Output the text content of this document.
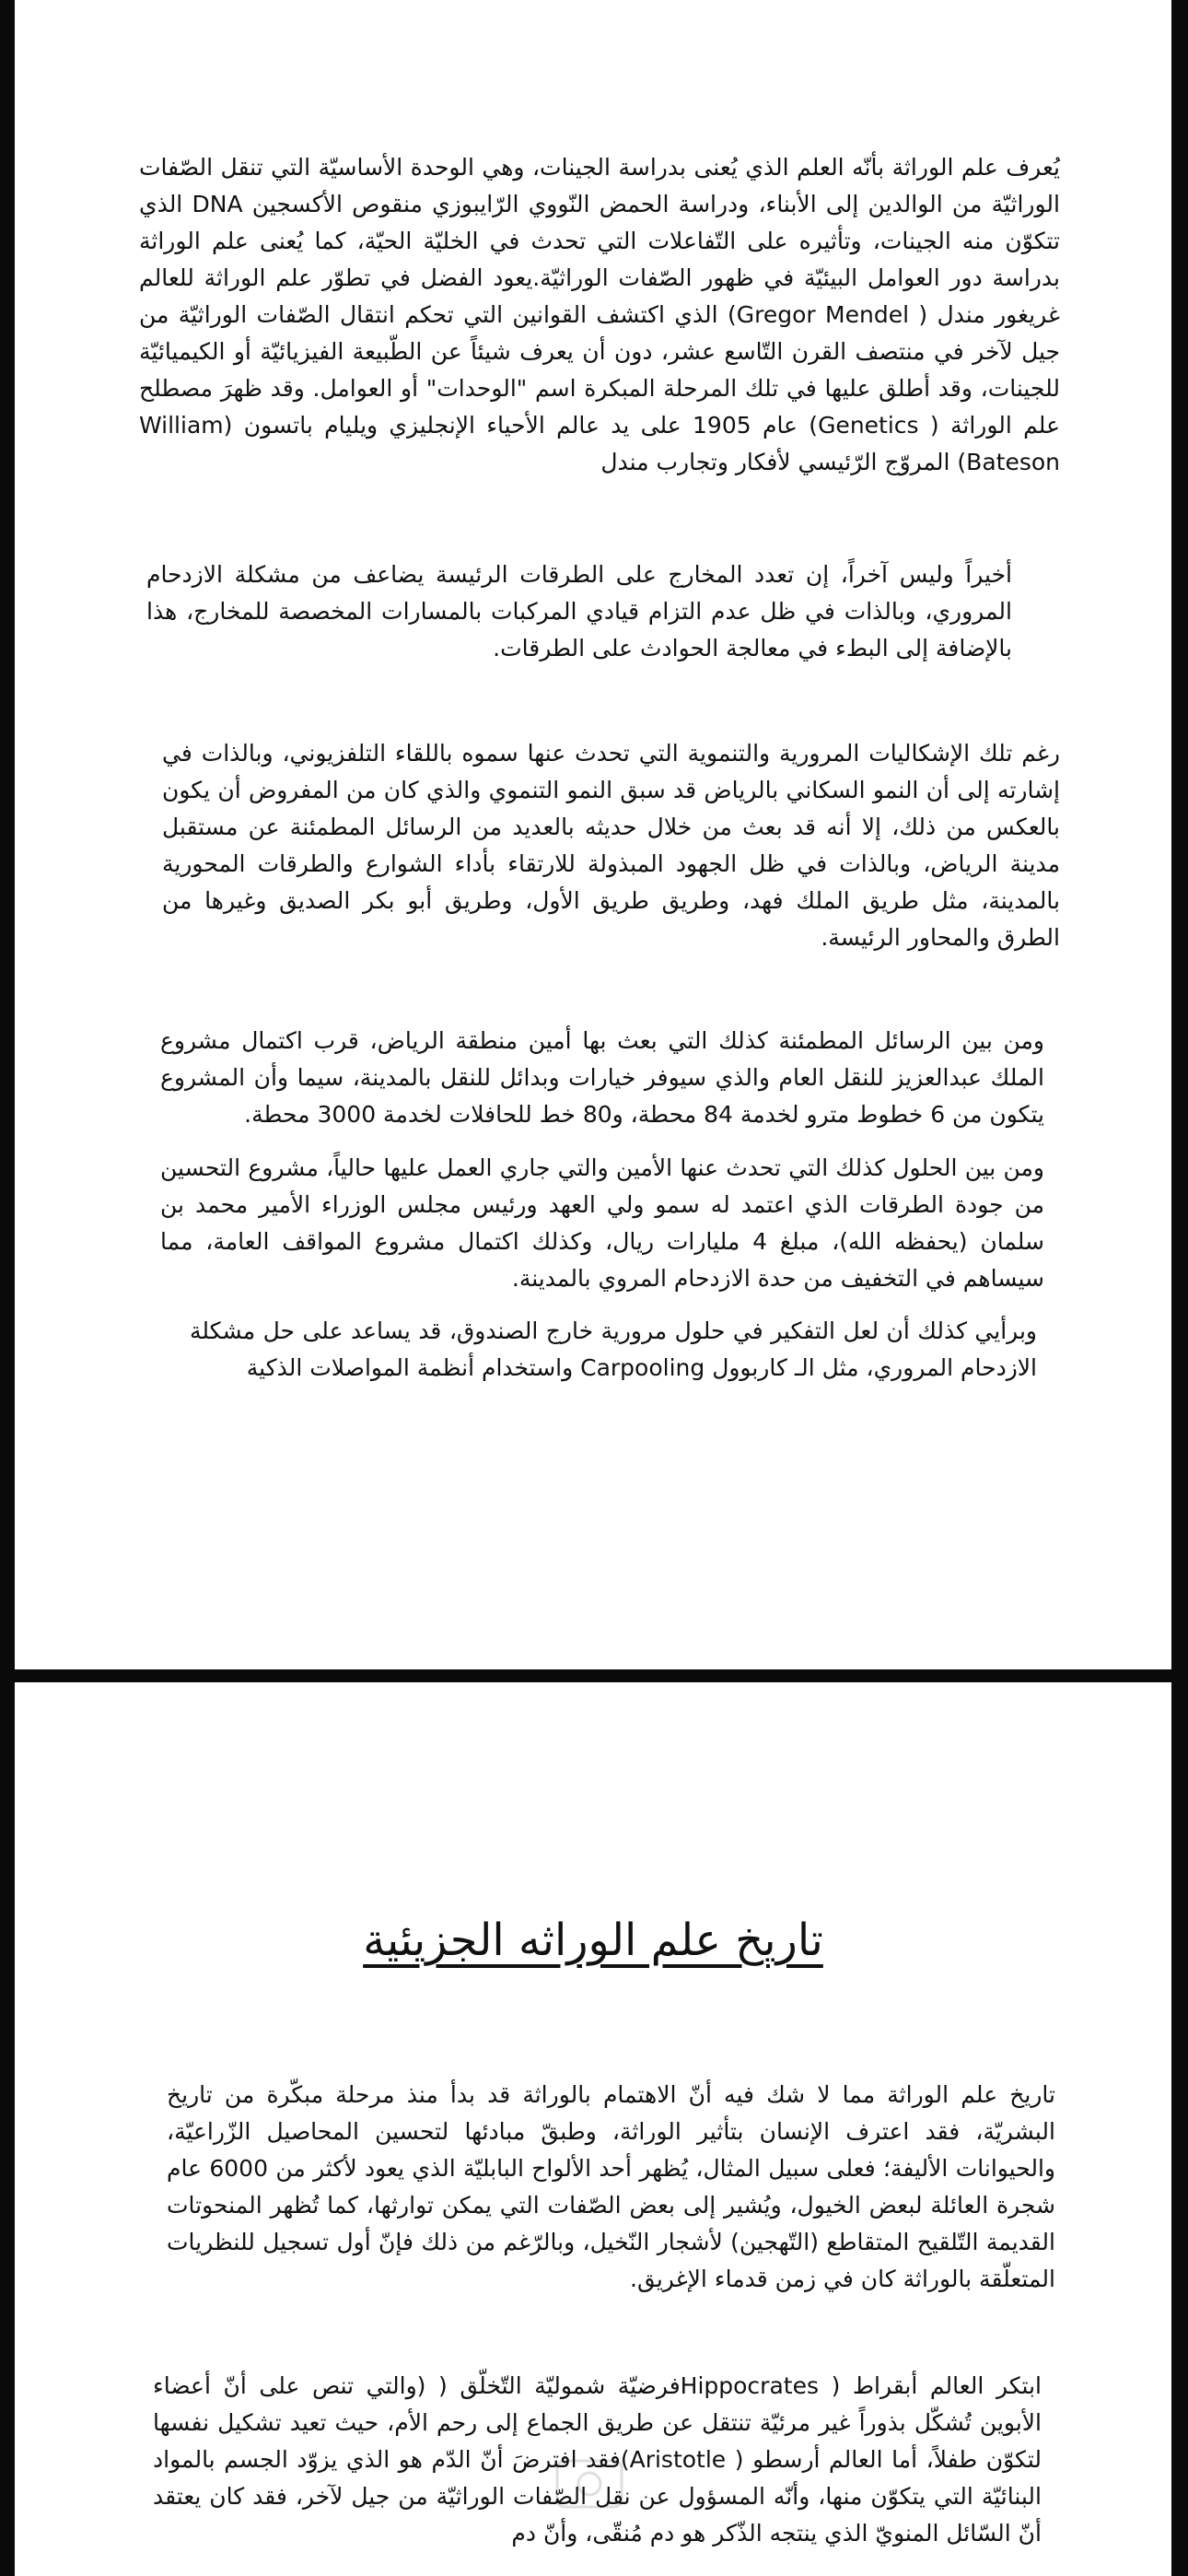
يُعرف علم الوراثة بأنّه العلم الذي يُعنى بدراسة الجينات، وهي الوحدة الأساسيّة التي تنقل الصّفات الوراثيّة من الوالدين إلى الأبناء، ودراسة الحمض النّووي الرّايبوزي منقوص الأكسجين DNA الذي تتكوّن منه الجينات، وتأثيره على التّفاعلات التي تحدث في الخليّة الحيّة، كما يُعنى علم الوراثة بدراسة دور العوامل البيئيّة في ظهور الصّفات الوراثيّة.يعود الفضل في تطوّر علم الوراثة للعالم غريغور مندل ( Gregor Mendel) الذي اكتشف القوانين التي تحكم انتقال الصّفات الوراثيّة من جيل لآخر في منتصف القرن التّاسع عشر، دون أن يعرف شيئاً عن الطّبيعة الفيزيائيّة أو الكيميائيّة للجينات، وقد أطلق عليها في تلك المرحلة المبكرة اسم "الوحدات" أو العوامل. وقد ظهرَ مصطلح علم الوراثة ( Genetics) عام 1905 على يد عالم الأحياء الإنجليزي ويليام باتسون (William Bateson) المروّج الرّئيسي لأفكار وتجارب مندل

أخيراً وليس آخراً، إن تعدد المخارج على الطرقات الرئيسة يضاعف من مشكلة الازدحام المروري، وبالذات في ظل عدم التزام قيادي المركبات بالمسارات المخصصة للمخارج، هذا بالإضافة إلى البطء في معالجة الحوادث على الطرقات.

رغم تلك الإشكاليات المرورية والتنموية التي تحدث عنها سموه باللقاء التلفزيوني، وبالذات في إشارته إلى أن النمو السكاني بالرياض قد سبق النمو التنموي والذي كان من المفروض أن يكون بالعكس من ذلك، إلا أنه قد بعث من خلال حديثه بالعديد من الرسائل المطمئنة عن مستقبل مدينة الرياض، وبالذات في ظل الجهود المبذولة للارتقاء بأداء الشوارع والطرقات المحورية بالمدينة، مثل طريق الملك فهد، وطريق طريق الأول، وطريق أبو بكر الصديق وغيرها من الطرق والمحاور الرئيسة.

ومن بين الرسائل المطمئنة كذلك التي بعث بها أمين منطقة الرياض، قرب اكتمال مشروع الملك عبدالعزيز للنقل العام والذي سيوفر خيارات وبدائل للنقل بالمدينة، سيما وأن المشروع يتكون من 6 خطوط مترو لخدمة 84 محطة، و80 خط للحافلات لخدمة 3000 محطة.

ومن بين الحلول كذلك التي تحدث عنها الأمين والتي جاري العمل عليها حالياً، مشروع التحسين من جودة الطرقات الذي اعتمد له سمو ولي العهد ورئيس مجلس الوزراء الأمير محمد بن سلمان (يحفظه الله)، مبلغ 4 مليارات ريال، وكذلك اكتمال مشروع المواقف العامة، مما سيساهم في التخفيف من حدة الازدحام المروي بالمدينة.

وبرأيي كذلك أن لعل التفكير في حلول مرورية خارج الصندوق، قد يساعد على حل مشكلة الازدحام المروري، مثل الـ كاربوول Carpooling واستخدام أنظمة المواصلات الذكية

تاريخ علم الوراثه الجزيئية

تاريخ علم الوراثة مما لا شك فيه أنّ الاهتمام بالوراثة قد بدأ منذ مرحلة مبكّرة من تاريخ البشريّة، فقد اعترف الإنسان بتأثير الوراثة، وطبقّ مبادئها لتحسين المحاصيل الزّراعيّة، والحيوانات الأليفة؛ فعلى سبيل المثال، يُظهر أحد الألواح البابليّة الذي يعود لأكثر من 6000 عام شجرة العائلة لبعض الخيول، ويُشير إلى بعض الصّفات التي يمكن توارثها، كما تُظهر المنحوتات القديمة التّلقيح المتقاطع (التّهجين) لأشجار النّخيل، وبالرّغم من ذلك فإنّ أول تسجيل للنظريات المتعلّقة بالوراثة كان في زمن قدماء الإغريق.

ابتكر العالم أبقراط ( Hippocratesفرضيّة شموليّة التّخلّق ( (والتي تنص على أنّ أعضاء الأبوين تُشكّل بذوراً غير مرئيّة تنتقل عن طريق الجماع إلى رحم الأم، حيث تعيد تشكيل نفسها لتكوّن طفلاً، أما العالم أرسطو ( Aristotle)فقد افترضَ أنّ الدّم هو الذي يزوّد الجسم بالمواد البنائيّة التي يتكوّن منها، وأنّه المسؤول عن نقل الصّفات الوراثيّة من جيل لآخر، فقد كان يعتقد أنّ السّائل المنويّ الذي ينتجه الذّكر هو دم مُنقّى، وأنّ دم
